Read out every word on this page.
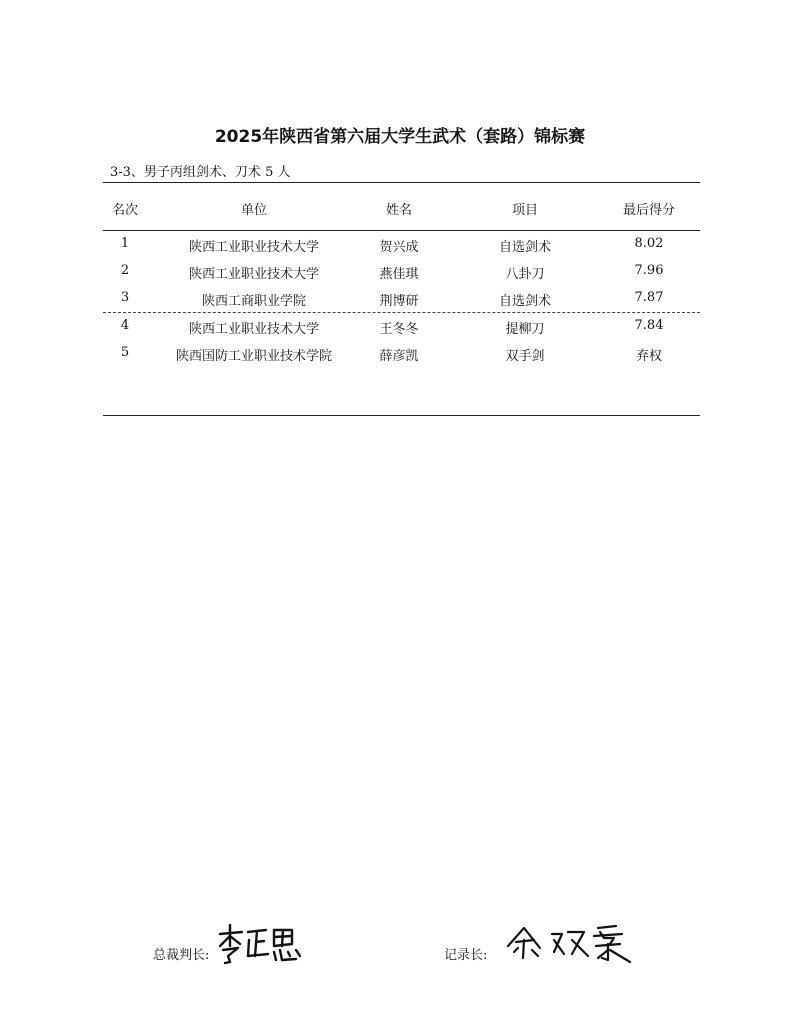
2025年陕西省第六届大学生武术（套路）锦标赛
3-3、男子丙组剑术、刀术 5 人
名次	单位	姓名	项目	最后得分
1	陕西工业职业技术大学	贺兴成	自选剑术	8.02
2	陕西工业职业技术大学	燕佳琪	八卦刀	7.96
3	陕西工商职业学院	荆博研	自选剑术	7.87
4	陕西工业职业技术大学	王冬冬	提柳刀	7.84
5	陕西国防工业职业技术学院	薛彦凯	双手剑	弃权
总裁判长:	记录长:
